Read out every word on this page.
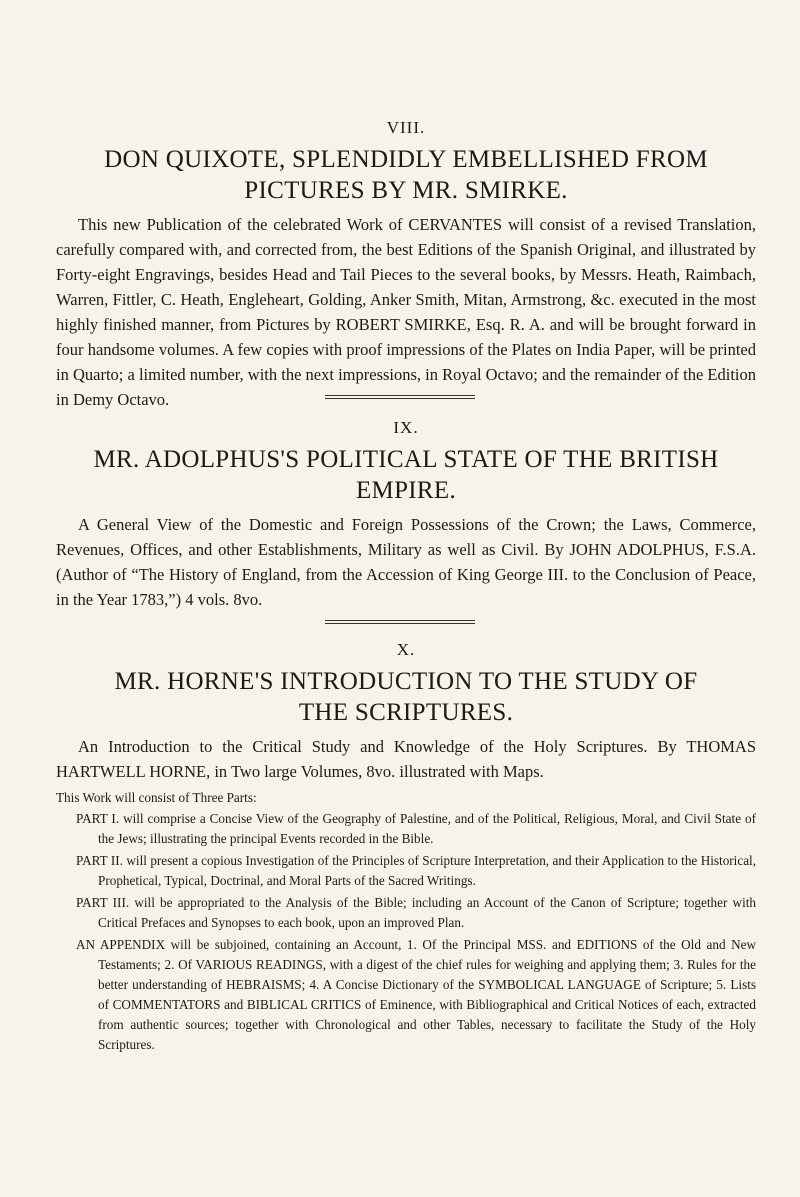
VIII.

DON QUIXOTE, SPLENDIDLY EMBELLISHED FROM
PICTURES BY MR. SMIRKE.

This new Publication of the celebrated Work of CERVANTES will consist of a revised Translation, carefully compared with, and corrected from, the best Editions of the Spanish Original, and illustrated by Forty-eight Engravings, besides Head and Tail Pieces to the several books, by Messrs. Heath, Raimbach, Warren, Fittler, C. Heath, Engleheart, Golding, Anker Smith, Mitan, Armstrong, &c. executed in the most highly finished manner, from Pictures by ROBERT SMIRKE, Esq. R. A. and will be brought forward in four handsome volumes. A few copies with proof impressions of the Plates on India Paper, will be printed in Quarto; a limited number, with the next impressions, in Royal Octavo; and the remainder of the Edition in Demy Octavo.

IX.

MR. ADOLPHUS'S POLITICAL STATE OF THE BRITISH
EMPIRE.

A General View of the Domestic and Foreign Possessions of the Crown; the Laws, Commerce, Revenues, Offices, and other Establishments, Military as well as Civil. By JOHN ADOLPHUS, F.S.A. (Author of “The History of England, from the Accession of King George III. to the Conclusion of Peace, in the Year 1783,”) 4 vols. 8vo.

X.

MR. HORNE'S INTRODUCTION TO THE STUDY OF
THE SCRIPTURES.

An Introduction to the Critical Study and Knowledge of the Holy Scriptures. By THOMAS HARTWELL HORNE, in Two large Volumes, 8vo. illustrated with Maps.

This Work will consist of Three Parts:

PART I. will comprise a Concise View of the Geography of Palestine, and of the Political, Religious, Moral, and Civil State of the Jews; illustrating the principal Events recorded in the Bible.

PART II. will present a copious Investigation of the Principles of Scripture Interpretation, and their Application to the Historical, Prophetical, Typical, Doctrinal, and Moral Parts of the Sacred Writings.

PART III. will be appropriated to the Analysis of the Bible; including an Account of the Canon of Scripture; together with Critical Prefaces and Synopses to each book, upon an improved Plan.

AN APPENDIX will be subjoined, containing an Account, 1. Of the Principal MSS. and EDITIONS of the Old and New Testaments; 2. Of VARIOUS READINGS, with a digest of the chief rules for weighing and applying them; 3. Rules for the better understanding of HEBRAISMS; 4. A Concise Dictionary of the SYMBOLICAL LANGUAGE of Scripture; 5. Lists of COMMENTATORS and BIBLICAL CRITICS of Eminence, with Bibliographical and Critical Notices of each, extracted from authentic sources; together with Chronological and other Tables, necessary to facilitate the Study of the Holy Scriptures.
